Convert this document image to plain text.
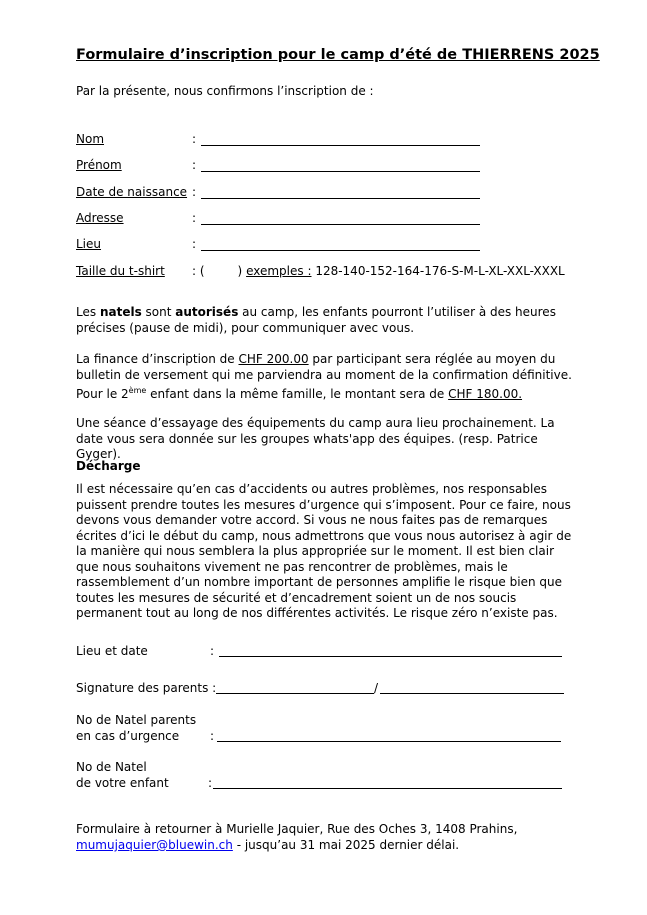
Formulaire d’inscription pour le camp d’été de THIERRENS 2025
Par la présente, nous confirmons l’inscription de :
Nom	:
Prénom	:
Date de naissance :
Adresse	:
Lieu	:
Taille du t-shirt : (	) exemples : 128-140-152-164-176-S-M-L-XL-XXL-XXXL

Les natels sont autorisés au camp, les enfants pourront l’utiliser à des heures précises (pause de midi), pour communiquer avec vous.

La finance d’inscription de CHF 200.00 par participant sera réglée au moyen du bulletin de versement qui me parviendra au moment de la confirmation définitive.

Pour le 2ème enfant dans la même famille, le montant sera de CHF 180.00.

Une séance d’essayage des équipements du camp aura lieu prochainement. La date vous sera donnée sur les groupes whats'app des équipes. (resp. Patrice Gyger).

Décharge

Il est nécessaire qu’en cas d’accidents ou autres problèmes, nos responsables puissent prendre toutes les mesures d’urgence qui s’imposent. Pour ce faire, nous devons vous demander votre accord. Si vous ne nous faites pas de remarques écrites d’ici le début du camp, nous admettrons que vous nous autorisez à agir de la manière qui nous semblera la plus appropriée sur le moment. Il est bien clair que nous souhaitons vivement ne pas rencontrer de problèmes, mais le rassemblement d’un nombre important de personnes amplifie le risque bien que toutes les mesures de sécurité et d’encadrement soient un de nos soucis permanent tout au long de nos différentes activités. Le risque zéro n’existe pas.

Lieu et date	:
Signature des parents :	/
No de Natel parents
en cas d’urgence	:
No de Natel
de votre enfant	:
Formulaire à retourner à Murielle Jaquier, Rue des Oches 3, 1408 Prahins,
mumujaquier@bluewin.ch - jusqu’au 31 mai 2025 dernier délai.
